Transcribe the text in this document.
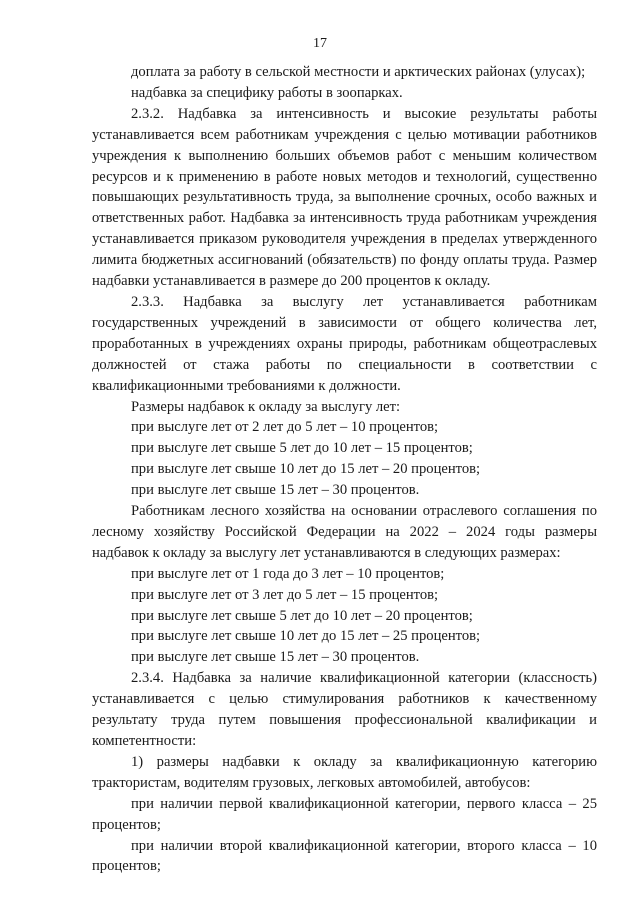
17

доплата за работу в сельской местности и арктических районах (улусах);

надбавка за специфику работы в зоопарках.

2.3.2. Надбавка за интенсивность и высокие результаты работы устанавливается всем работникам учреждения с целью мотивации работников учреждения к выполнению больших объемов работ с меньшим количеством ресурсов и к применению в работе новых методов и технологий, существенно повышающих результативность труда, за выполнение срочных, особо важных и ответственных работ. Надбавка за интенсивность труда работникам учреждения устанавливается приказом руководителя учреждения в пределах утвержденного лимита бюджетных ассигнований (обязательств) по фонду оплаты труда. Размер надбавки устанавливается в размере до 200 процентов к окладу.

2.3.3. Надбавка за выслугу лет устанавливается работникам государственных учреждений в зависимости от общего количества лет, проработанных в учреждениях охраны природы, работникам общеотраслевых должностей от стажа работы по специальности в соответствии с квалификационными требованиями к должности.

Размеры надбавок к окладу за выслугу лет:

при выслуге лет от 2 лет до 5 лет – 10 процентов;

при выслуге лет свыше 5 лет до 10 лет – 15 процентов;

при выслуге лет свыше 10 лет до 15 лет – 20 процентов;

при выслуге лет свыше 15 лет – 30 процентов.

Работникам лесного хозяйства на основании отраслевого соглашения по лесному хозяйству Российской Федерации на 2022 – 2024 годы размеры надбавок к окладу за выслугу лет устанавливаются в следующих размерах:

при выслуге лет от 1 года до 3 лет – 10 процентов;

при выслуге лет от 3 лет до 5 лет – 15 процентов;

при выслуге лет свыше 5 лет до 10 лет – 20 процентов;

при выслуге лет свыше 10 лет до 15 лет – 25 процентов;

при выслуге лет свыше 15 лет – 30 процентов.

2.3.4. Надбавка за наличие квалификационной категории (классность) устанавливается с целью стимулирования работников к качественному результату труда путем повышения профессиональной квалификации и компетентности:

1) размеры надбавки к окладу за квалификационную категорию трактористам, водителям грузовых, легковых автомобилей, автобусов:

при наличии первой квалификационной категории, первого класса – 25 процентов;

при наличии второй квалификационной категории, второго класса – 10 процентов;
